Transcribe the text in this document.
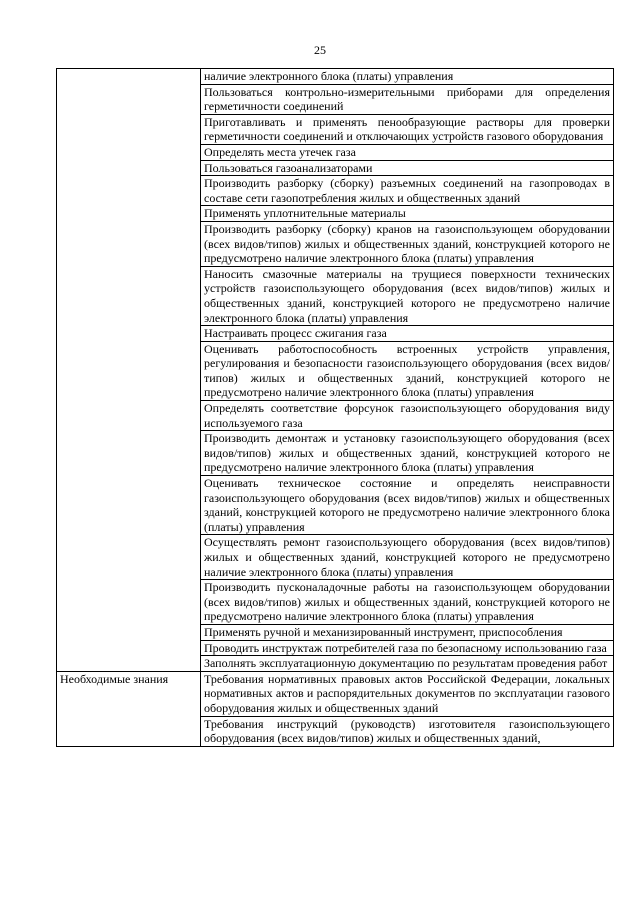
25

	наличие электронного блока (платы) управления

	Пользоваться контрольно-измерительными приборами для определения герметичности соединений

	Приготавливать и применять пенообразующие растворы для проверки герметичности соединений и отключающих устройств газового оборудования

	Определять места утечек газа

	Пользоваться газоанализаторами

	Производить разборку (сборку) разъемных соединений на газопроводах в составе сети газопотребления жилых и общественных зданий

	Применять уплотнительные материалы

	Производить разборку (сборку) кранов на газоиспользующем оборудовании (всех видов/типов) жилых и общественных зданий, конструкцией которого не предусмотрено наличие электронного блока (платы) управления

	Наносить смазочные материалы на трущиеся поверхности технических устройств газоиспользующего оборудования (всех видов/типов) жилых и общественных зданий, конструкцией которого не предусмотрено наличие электронного блока (платы) управления

	Настраивать процесс сжигания газа

	Оценивать работоспособность встроенных устройств управления, регулирования и безопасности газоиспользующего оборудования (всех видов/типов) жилых и общественных зданий, конструкцией которого не предусмотрено наличие электронного блока (платы) управления

	Определять соответствие форсунок газоиспользующего оборудования виду используемого газа

	Производить демонтаж и установку газоиспользующего оборудования (всех видов/типов) жилых и общественных зданий, конструкцией которого не предусмотрено наличие электронного блока (платы) управления

	Оценивать техническое состояние и определять неисправности газоиспользующего оборудования (всех видов/типов) жилых и общественных зданий, конструкцией которого не предусмотрено наличие электронного блока (платы) управления

	Осуществлять ремонт газоиспользующего оборудования (всех видов/типов) жилых и общественных зданий, конструкцией которого не предусмотрено наличие электронного блока (платы) управления

	Производить пусконаладочные работы на газоиспользующем оборудовании (всех видов/типов) жилых и общественных зданий, конструкцией которого не предусмотрено наличие электронного блока (платы) управления

	Применять ручной и механизированный инструмент, приспособления

	Проводить инструктаж потребителей газа по безопасному использованию газа

	Заполнять эксплуатационную документацию по результатам проведения работ

Необходимые знания	Требования нормативных правовых актов Российской Федерации, локальных нормативных актов и распорядительных документов по эксплуатации газового оборудования жилых и общественных зданий

	Требования инструкций (руководств) изготовителя газоиспользующего оборудования (всех видов/типов) жилых и общественных зданий,
